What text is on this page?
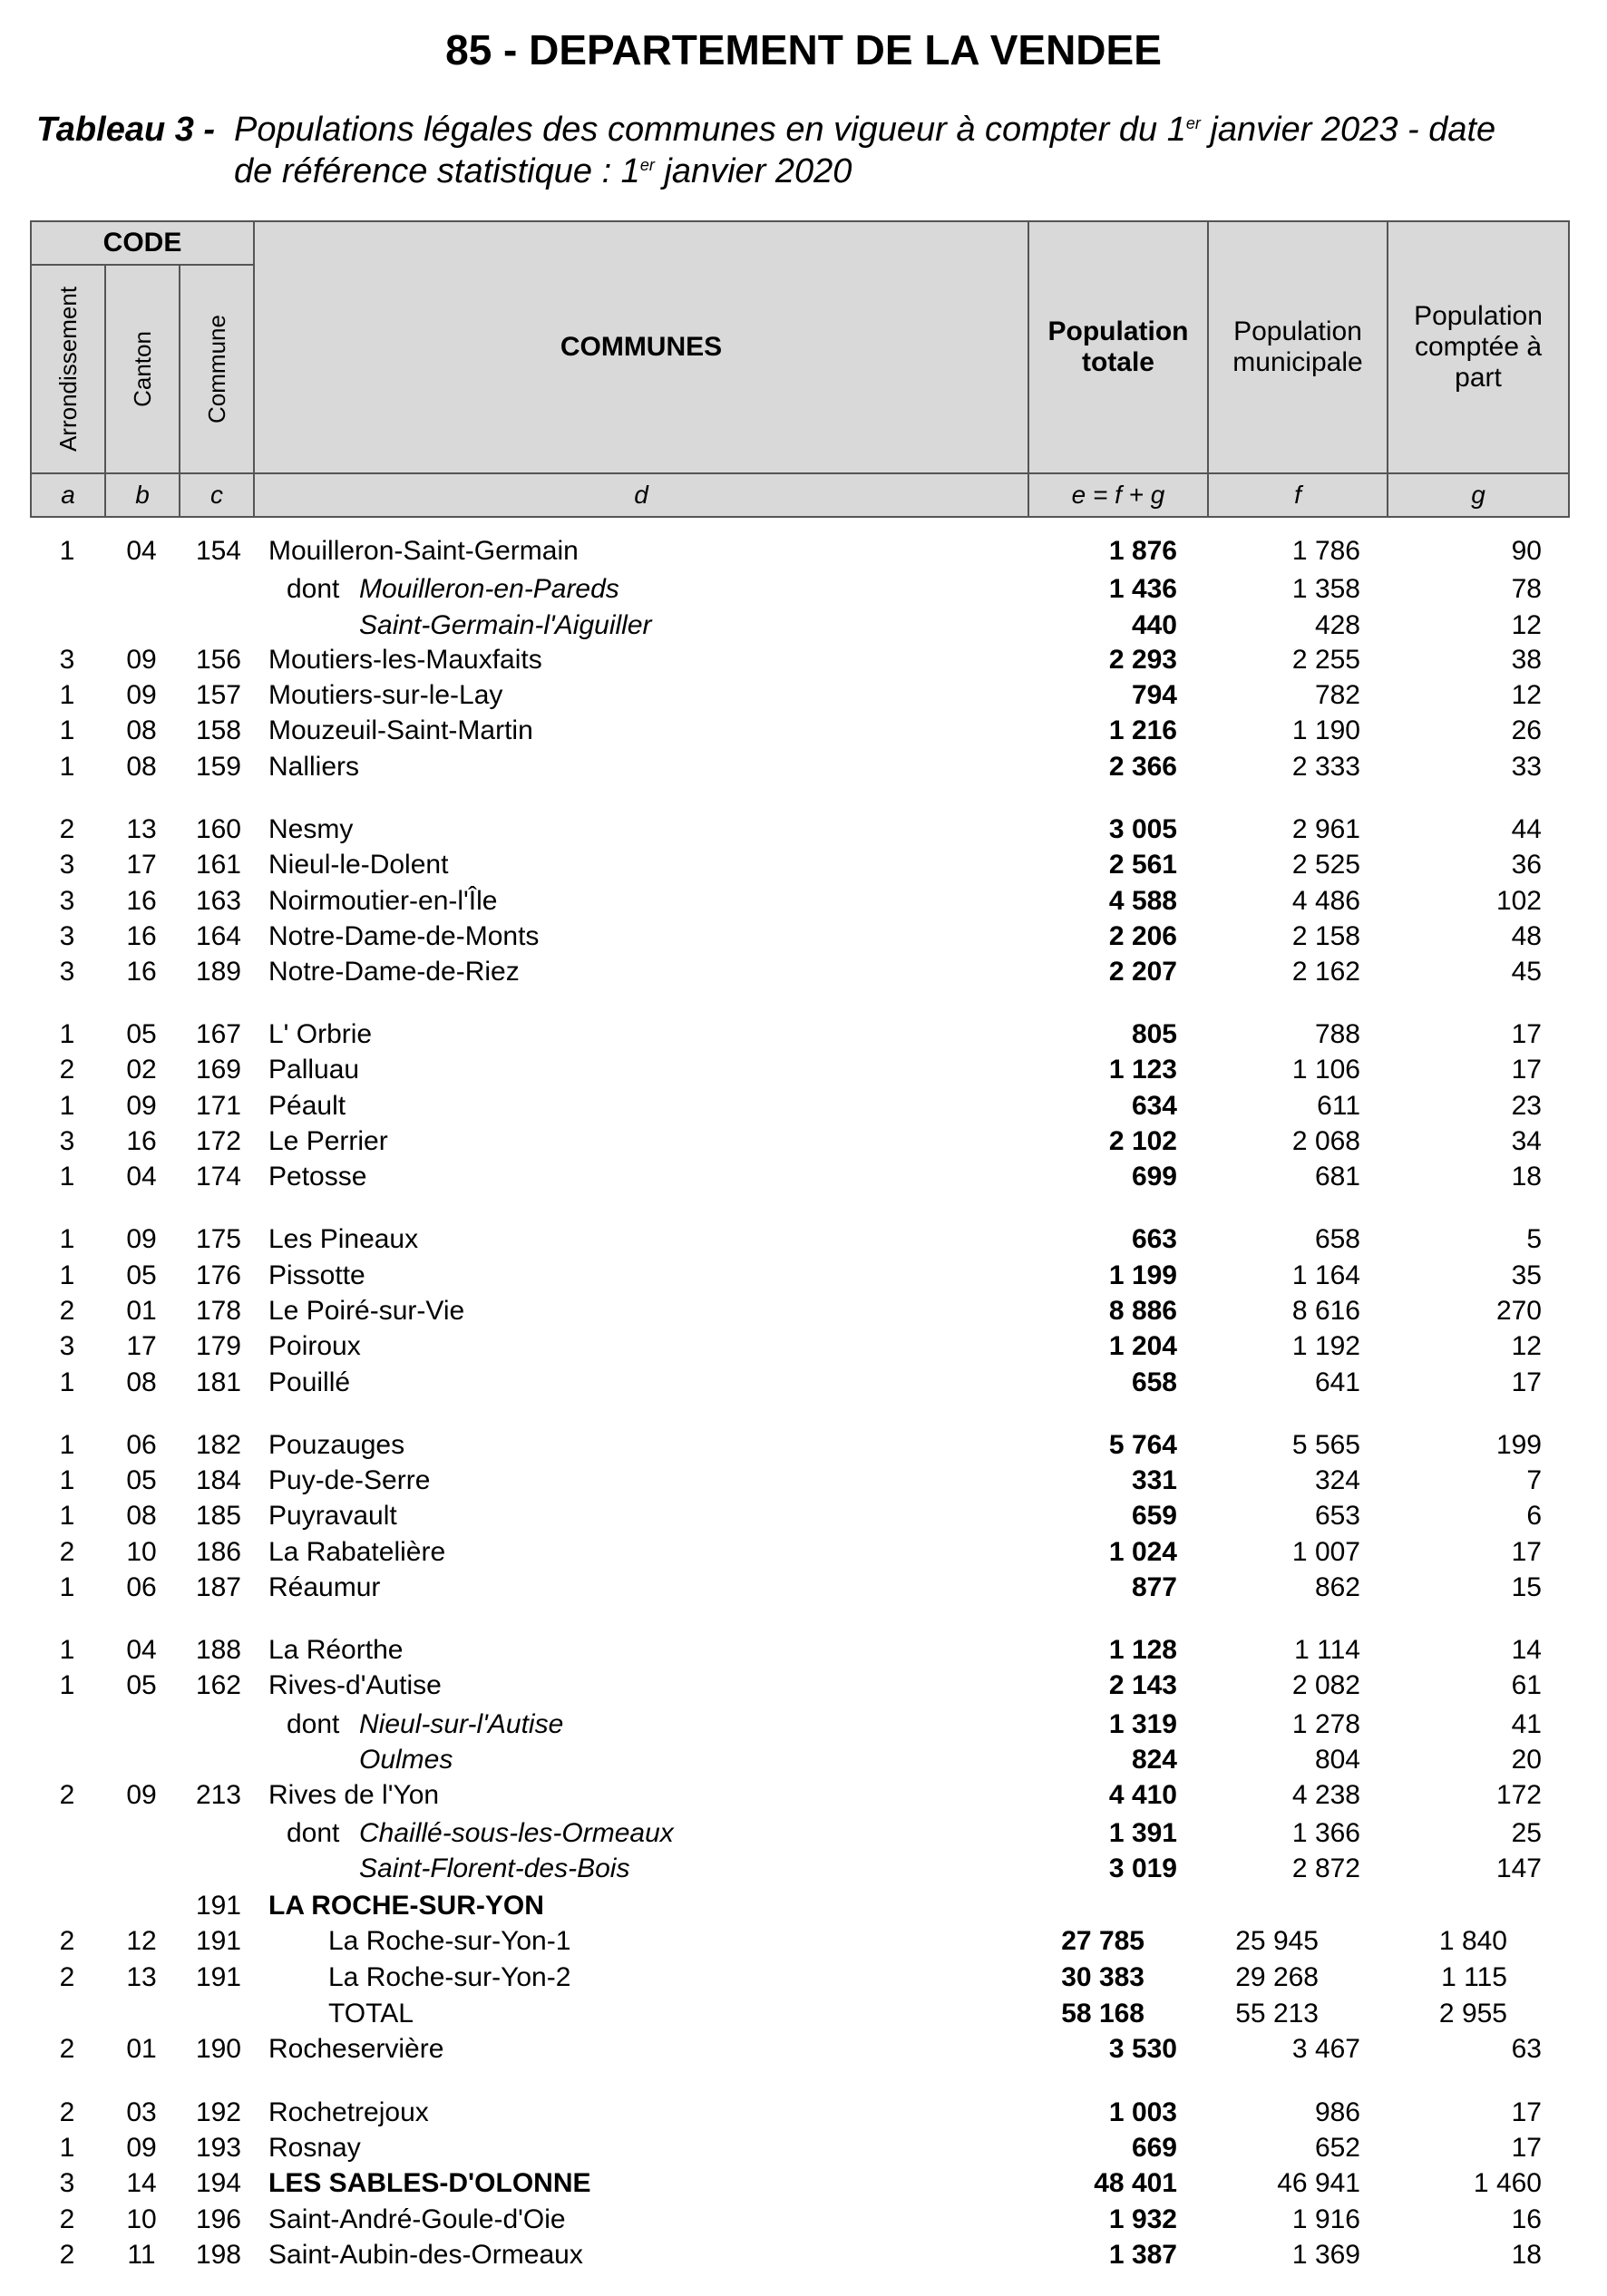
85 - DEPARTEMENT DE LA VENDEE
Tableau 3 - Populations légales des communes en vigueur à compter du 1er janvier 2023 - date
de référence statistique : 1er janvier 2020
CODE
Arrondissement Canton Commune	COMMUNES
Population totale
Population municipale
Population comptée à part
a	b	c	d	e = f + g	f	g
1 04 154 Mouilleron-Saint-Germain	1 876	1 786	90
dont Mouilleron-en-Pareds	1 436	1 358	78
Saint-Germain-l'Aiguiller	440	428	12
3 09 156 Moutiers-les-Mauxfaits	2 293	2 255	38
1 09 157 Moutiers-sur-le-Lay	794	782	12
1 08 158 Mouzeuil-Saint-Martin	1 216	1 190	26
1 08 159 Nalliers	2 366	2 333	33
2 13 160 Nesmy	3 005	2 961	44
3 17 161 Nieul-le-Dolent	2 561	2 525	36
3 16 163 Noirmoutier-en-l'Île	4 588	4 486	102
3 16 164 Notre-Dame-de-Monts	2 206	2 158	48
3 16 189 Notre-Dame-de-Riez	2 207	2 162	45
1 05 167 L' Orbrie	805	788	17
2 02 169 Palluau	1 123	1 106	17
1 09 171 Péault	634	611	23
3 16 172 Le Perrier	2 102	2 068	34
1 04 174 Petosse	699	681	18
1 09 175 Les Pineaux	663	658	5
1 05 176 Pissotte	1 199	1 164	35
2 01 178 Le Poiré-sur-Vie	8 886	8 616	270
3 17 179 Poiroux	1 204	1 192	12
1 08 181 Pouillé	658	641	17
1 06 182 Pouzauges	5 764	5 565	199
1 05 184 Puy-de-Serre	331	324	7
1 08 185 Puyravault	659	653	6
2 10 186 La Rabatelière	1 024	1 007	17
1 06 187 Réaumur	877	862	15
1 04 188 La Réorthe	1 128	1 114	14
1 05 162 Rives-d'Autise	2 143	2 082	61
dont Nieul-sur-l'Autise	1 319	1 278	41
Oulmes	824	804	20
2 09 213 Rives de l'Yon	4 410	4 238	172
dont Chaillé-sous-les-Ormeaux	1 391	1 366	25
Saint-Florent-des-Bois	3 019	2 872	147
191 LA ROCHE-SUR-YON
2 12 191	La Roche-sur-Yon-1	27 785	25 945	1 840
2 13 191	La Roche-sur-Yon-2	30 383	29 268	1 115
TOTAL	58 168	55 213	2 955
2 01 190 Rocheservière	3 530	3 467	63
2 03 192 Rochetrejoux	1 003	986	17
1 09 193 Rosnay	669	652	17
3 14 194 LES SABLES-D'OLONNE	48 401	46 941	1 460
2 10 196 Saint-André-Goule-d'Oie	1 932	1 916	16
2 11 198 Saint-Aubin-des-Ormeaux	1 387	1 369	18
